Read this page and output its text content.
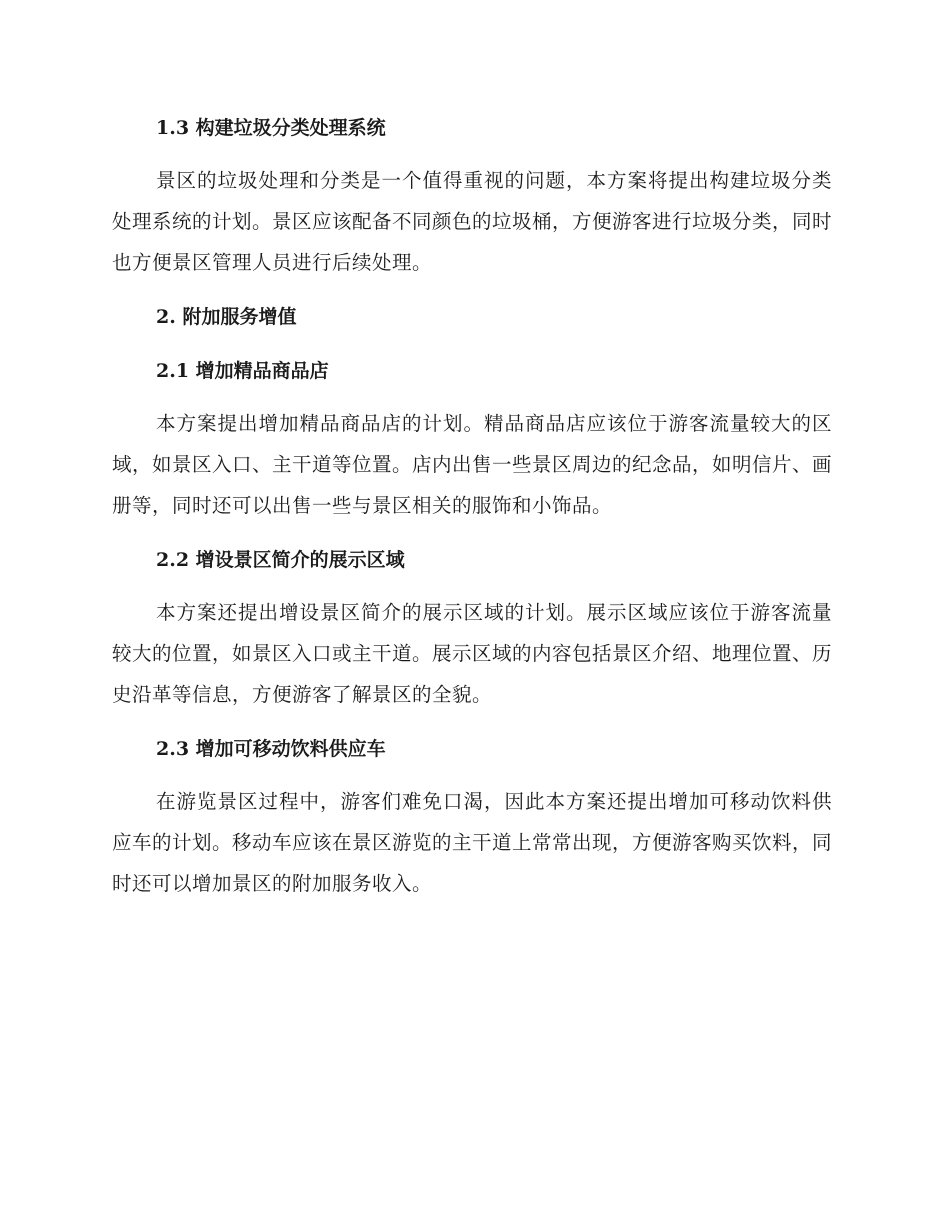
1.3 构建垃圾分类处理系统

景区的垃圾处理和分类是一个值得重视的问题，本方案将提出构建垃圾分类处理系统的计划。景区应该配备不同颜色的垃圾桶，方便游客进行垃圾分类，同时也方便景区管理人员进行后续处理。

2. 附加服务增值
2.1 增加精品商品店

本方案提出增加精品商品店的计划。精品商品店应该位于游客流量较大的区域，如景区入口、主干道等位置。店内出售一些景区周边的纪念品，如明信片、画册等，同时还可以出售一些与景区相关的服饰和小饰品。

2.2 增设景区简介的展示区域

本方案还提出增设景区简介的展示区域的计划。展示区域应该位于游客流量较大的位置，如景区入口或主干道。展示区域的内容包括景区介绍、地理位置、历史沿革等信息，方便游客了解景区的全貌。

2.3 增加可移动饮料供应车

在游览景区过程中，游客们难免口渴，因此本方案还提出增加可移动饮料供应车的计划。移动车应该在景区游览的主干道上常常出现，方便游客购买饮料，同时还可以增加景区的附加服务收入。
